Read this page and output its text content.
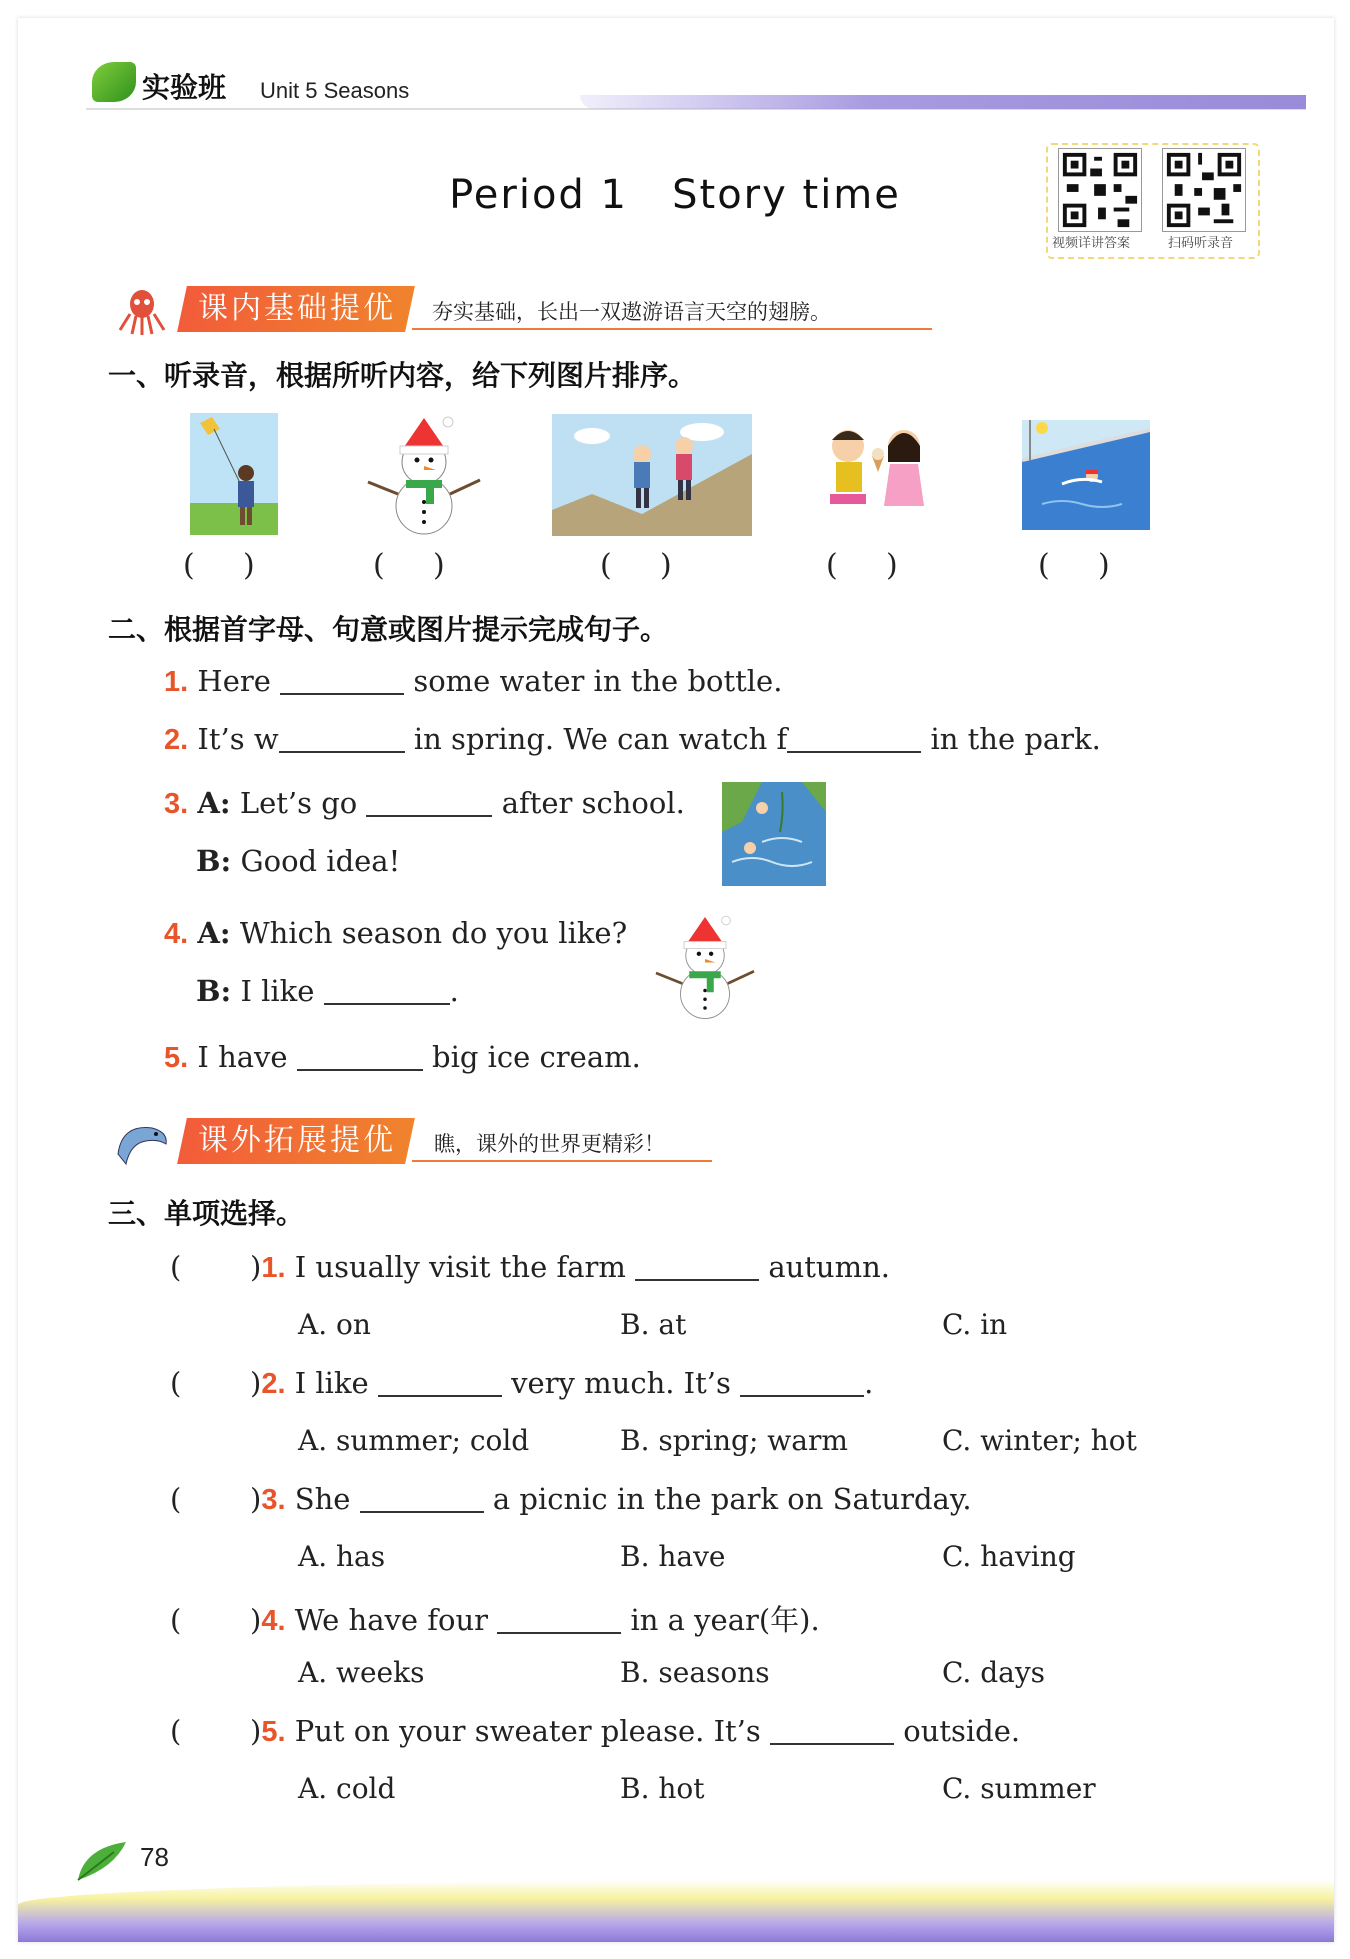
实验班 Unit 5 Seasons
Period 1   Story time
视频详讲答案	扫码听录音
课内基础提优	夯实基础，长出一双遨游语言天空的翅膀。
一、听录音，根据所听内容，给下列图片排序。
( )	( )	( )	( )	( )
二、根据首字母、句意或图片提示完成句子。
1. Here	some water in the bottle.
2. It’s w	in spring. We can watch f	in the park.
3. A: Let’s go	after school.
B: Good idea!
4. A: Which season do you like?
B: I like	.
5. I have	big ice cream.
课外拓展提优	瞧，课外的世界更精彩！
三、单项选择。
( )1. I usually visit the farm	autumn.
A. on	B. at	C. in
( )2. I like	very much. It’s	.
A. summer; cold	B. spring; warm	C. winter; hot
( )3. She	a picnic in the park on Saturday.
A. has	B. have	C. having
( )4. We have four	in a year(年).
A. weeks	B. seasons	C. days
( )5. Put on your sweater please. It’s	outside.
A. cold	B. hot	C. summer
78
